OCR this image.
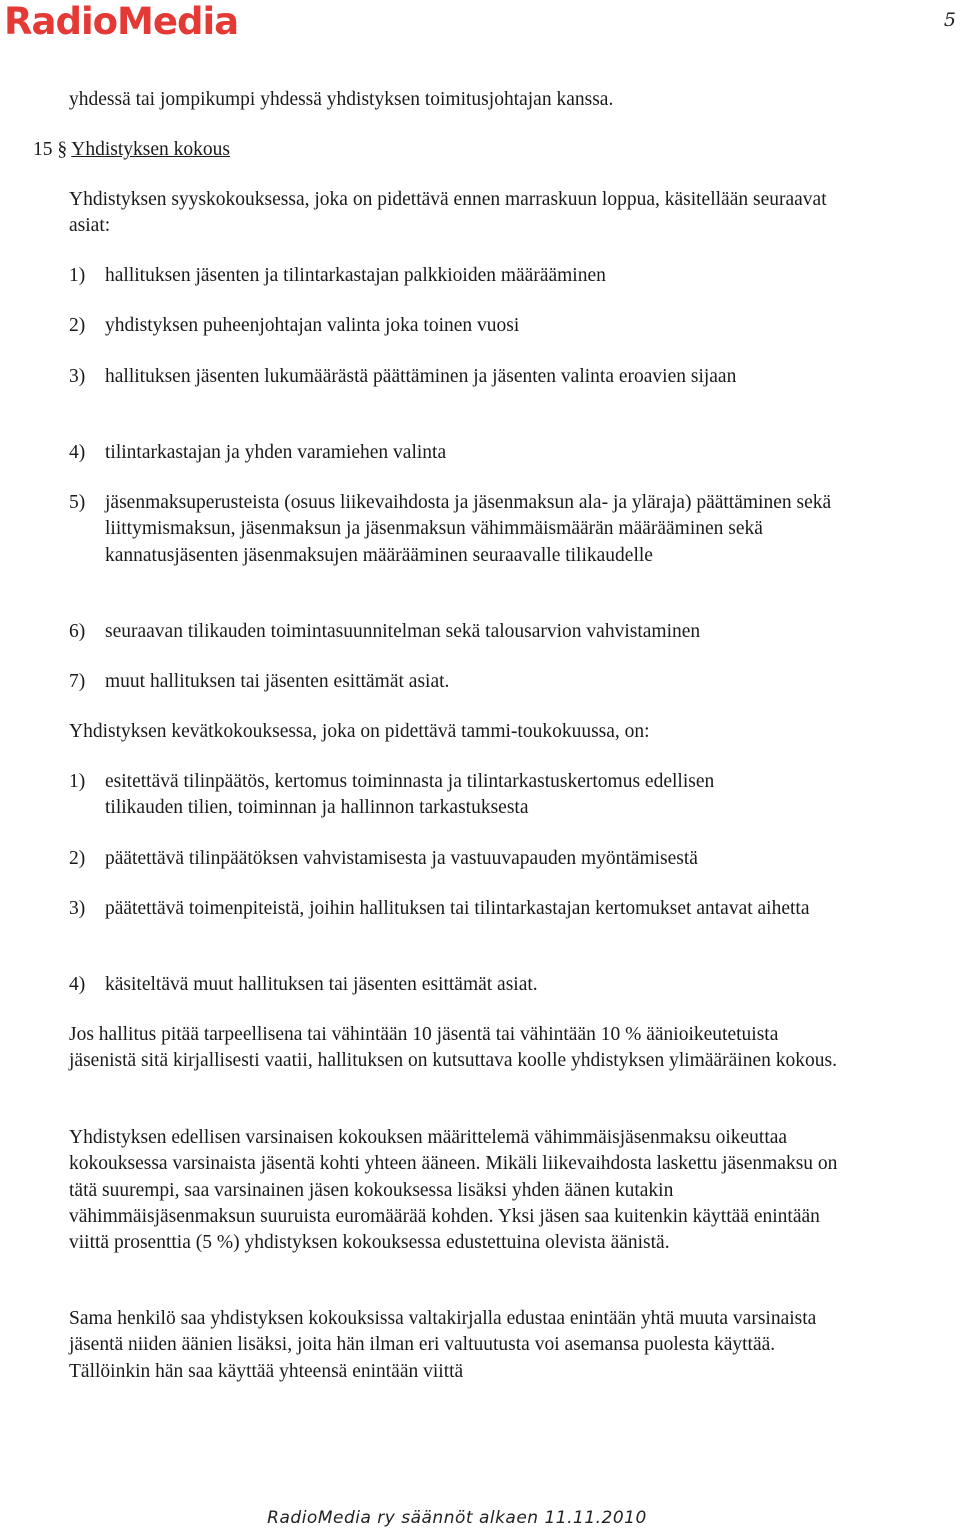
RadioMedia	5

yhdessä tai jompikumpi yhdessä yhdistyksen toimitusjohtajan kanssa.

15 § Yhdistyksen kokous

Yhdistyksen syyskokouksessa, joka on pidettävä ennen marraskuun loppua, käsitellään seuraavat asiat:

1) hallituksen jäsenten ja tilintarkastajan palkkioiden määrääminen
2) yhdistyksen puheenjohtajan valinta joka toinen vuosi
3) hallituksen jäsenten lukumäärästä päättäminen ja jäsenten valinta eroavien sijaan
4) tilintarkastajan ja yhden varamiehen valinta
5) jäsenmaksuperusteista (osuus liikevaihdosta ja jäsenmaksun ala- ja yläraja) päättäminen sekä liittymismaksun, jäsenmaksun ja jäsenmaksun vähimmäismäärän määrääminen sekä kannatusjäsenten jäsenmaksujen määrääminen seuraavalle tilikaudelle
6) seuraavan tilikauden toimintasuunnitelman sekä talousarvion vahvistaminen
7) muut hallituksen tai jäsenten esittämät asiat.

Yhdistyksen kevätkokouksessa, joka on pidettävä tammi-toukokuussa, on:

1) esitettävä tilinpäätös, kertomus toiminnasta ja tilintarkastuskertomus edellisen tilikauden tilien, toiminnan ja hallinnon tarkastuksesta
2) päätettävä tilinpäätöksen vahvistamisesta ja vastuuvapauden myöntämisestä
3) päätettävä toimenpiteistä, joihin hallituksen tai tilintarkastajan kertomukset antavat aihetta
4) käsiteltävä muut hallituksen tai jäsenten esittämät asiat.

Jos hallitus pitää tarpeellisena tai vähintään 10 jäsentä tai vähintään 10 % äänioikeutetuista jäsenistä sitä kirjallisesti vaatii, hallituksen on kutsuttava koolle yhdistyksen ylimääräinen kokous.

Yhdistyksen edellisen varsinaisen kokouksen määrittelemä vähimmäisjäsenmaksu oikeuttaa kokouksessa varsinaista jäsentä kohti yhteen ääneen. Mikäli liikevaihdosta laskettu jäsenmaksu on tätä suurempi, saa varsinainen jäsen kokouksessa lisäksi yhden äänen kutakin vähimmäisjäsenmaksun suuruista euromäärää kohden. Yksi jäsen saa kuitenkin käyttää enintään viittä prosenttia (5 %) yhdistyksen kokouksessa edustettuina olevista äänistä.

Sama henkilö saa yhdistyksen kokouksissa valtakirjalla edustaa enintään yhtä muuta varsinaista jäsentä niiden äänien lisäksi, joita hän ilman eri valtuutusta voi asemansa puolesta käyttää. Tällöinkin hän saa käyttää yhteensä enintään viittä

RadioMedia ry säännöt alkaen 11.11.2010
